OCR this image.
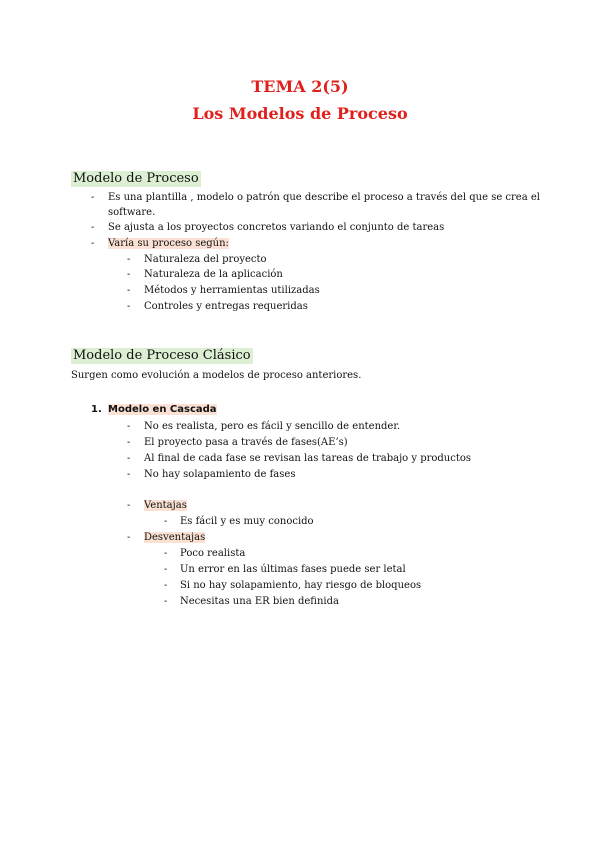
TEMA 2(5)
Los Modelos de Proceso
Modelo de Proceso
- Es una plantilla , modelo o patrón que describe el proceso a través del que se crea el
software.
- Se ajusta a los proyectos concretos variando el conjunto de tareas
- Varía su proceso según:
- Naturaleza del proyecto
- Naturaleza de la aplicación
- Métodos y herramientas utilizadas
- Controles y entregas requeridas
Modelo de Proceso Clásico
Surgen como evolución a modelos de proceso anteriores.
1. Modelo en Cascada
- No es realista, pero es fácil y sencillo de entender.
- El proyecto pasa a través de fases(AE’s)
- Al final de cada fase se revisan las tareas de trabajo y productos
- No hay solapamiento de fases
- Ventajas
- Es fácil y es muy conocido
- Desventajas
- Poco realista
- Un error en las últimas fases puede ser letal
- Si no hay solapamiento, hay riesgo de bloqueos
- Necesitas una ER bien definida
